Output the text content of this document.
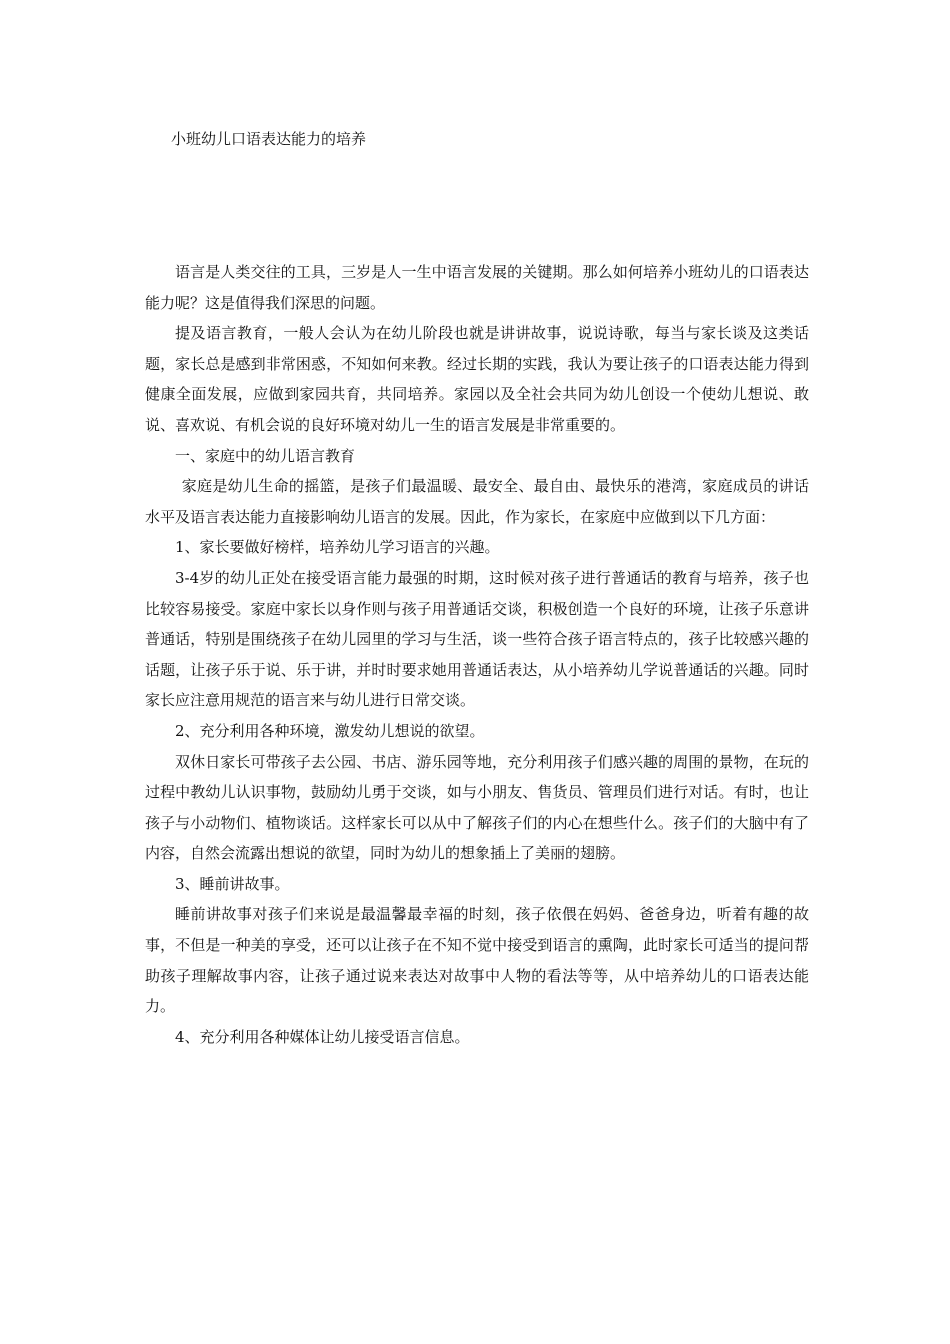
小班幼儿口语表达能力的培养

语言是人类交往的工具，三岁是人一生中语言发展的关键期。那么如何培养小班幼儿的口语表达能力呢？这是值得我们深思的问题。

提及语言教育，一般人会认为在幼儿阶段也就是讲讲故事，说说诗歌，每当与家长谈及这类话题，家长总是感到非常困惑，不知如何来教。经过长期的实践，我认为要让孩子的口语表达能力得到健康全面发展，应做到家园共育，共同培养。家园以及全社会共同为幼儿创设一个使幼儿想说、敢说、喜欢说、有机会说的良好环境对幼儿一生的语言发展是非常重要的。

一、家庭中的幼儿语言教育

家庭是幼儿生命的摇篮，是孩子们最温暖、最安全、最自由、最快乐的港湾，家庭成员的讲话水平及语言表达能力直接影响幼儿语言的发展。因此，作为家长，在家庭中应做到以下几方面：

1、家长要做好榜样，培养幼儿学习语言的兴趣。

3-4岁的幼儿正处在接受语言能力最强的时期，这时候对孩子进行普通话的教育与培养，孩子也比较容易接受。家庭中家长以身作则与孩子用普通话交谈，积极创造一个良好的环境，让孩子乐意讲普通话，特别是围绕孩子在幼儿园里的学习与生活，谈一些符合孩子语言特点的，孩子比较感兴趣的话题，让孩子乐于说、乐于讲，并时时要求她用普通话表达，从小培养幼儿学说普通话的兴趣。同时家长应注意用规范的语言来与幼儿进行日常交谈。

2、充分利用各种环境，激发幼儿想说的欲望。

双休日家长可带孩子去公园、书店、游乐园等地，充分利用孩子们感兴趣的周围的景物，在玩的过程中教幼儿认识事物，鼓励幼儿勇于交谈，如与小朋友、售货员、管理员们进行对话。有时，也让孩子与小动物们、植物谈话。这样家长可以从中了解孩子们的内心在想些什么。孩子们的大脑中有了内容，自然会流露出想说的欲望，同时为幼儿的想象插上了美丽的翅膀。

3、睡前讲故事。

睡前讲故事对孩子们来说是最温馨最幸福的时刻，孩子依偎在妈妈、爸爸身边，听着有趣的故事，不但是一种美的享受，还可以让孩子在不知不觉中接受到语言的熏陶，此时家长可适当的提问帮助孩子理解故事内容，让孩子通过说来表达对故事中人物的看法等等，从中培养幼儿的口语表达能力。

4、充分利用各种媒体让幼儿接受语言信息。
